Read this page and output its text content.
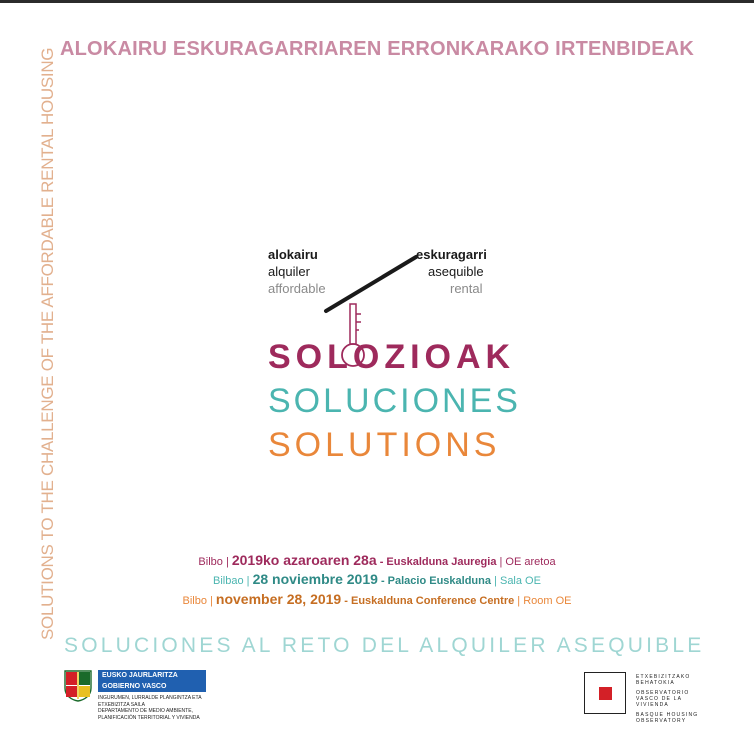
ALOKAIRU ESKURAGARRIAREN ERRONKARAKO IRTENBIDEAK
SOLUTIONS TO THE CHALLENGE OF THE AFFORDABLE RENTAL HOUSING	alokairu
alquiler
affordable
eskuragarri
asequible
rental
SOLOZIOAK
SOLUCIONES
SOLUTIONS
Bilbo | 2019ko azaroaren 28a - Euskalduna Jauregia | OE aretoa
Bilbao | 28 noviembre 2019 - Palacio Euskalduna | Sala OE
Bilbo | november 28, 2019 - Euskalduna Conference Centre | Room OE
SOLUCIONES AL RETO DEL ALQUILER ASEQUIBLE
EUSKO JAURLARITZA
GOBIERNO VASCO
INGURUMEN, LURRALDE PLANGINTZA ETA ETXEBIZITZA SAILA
DEPARTAMENTO DE MEDIO AMBIENTE, PLANIFICACIÓN TERRITORIAL Y VIVIENDA
ETXEBIZITZAKO BEHATOKIA
OBSERVATORIO VASCO DE LA VIVIENDA
BASQUE HOUSING OBSERVATORY
